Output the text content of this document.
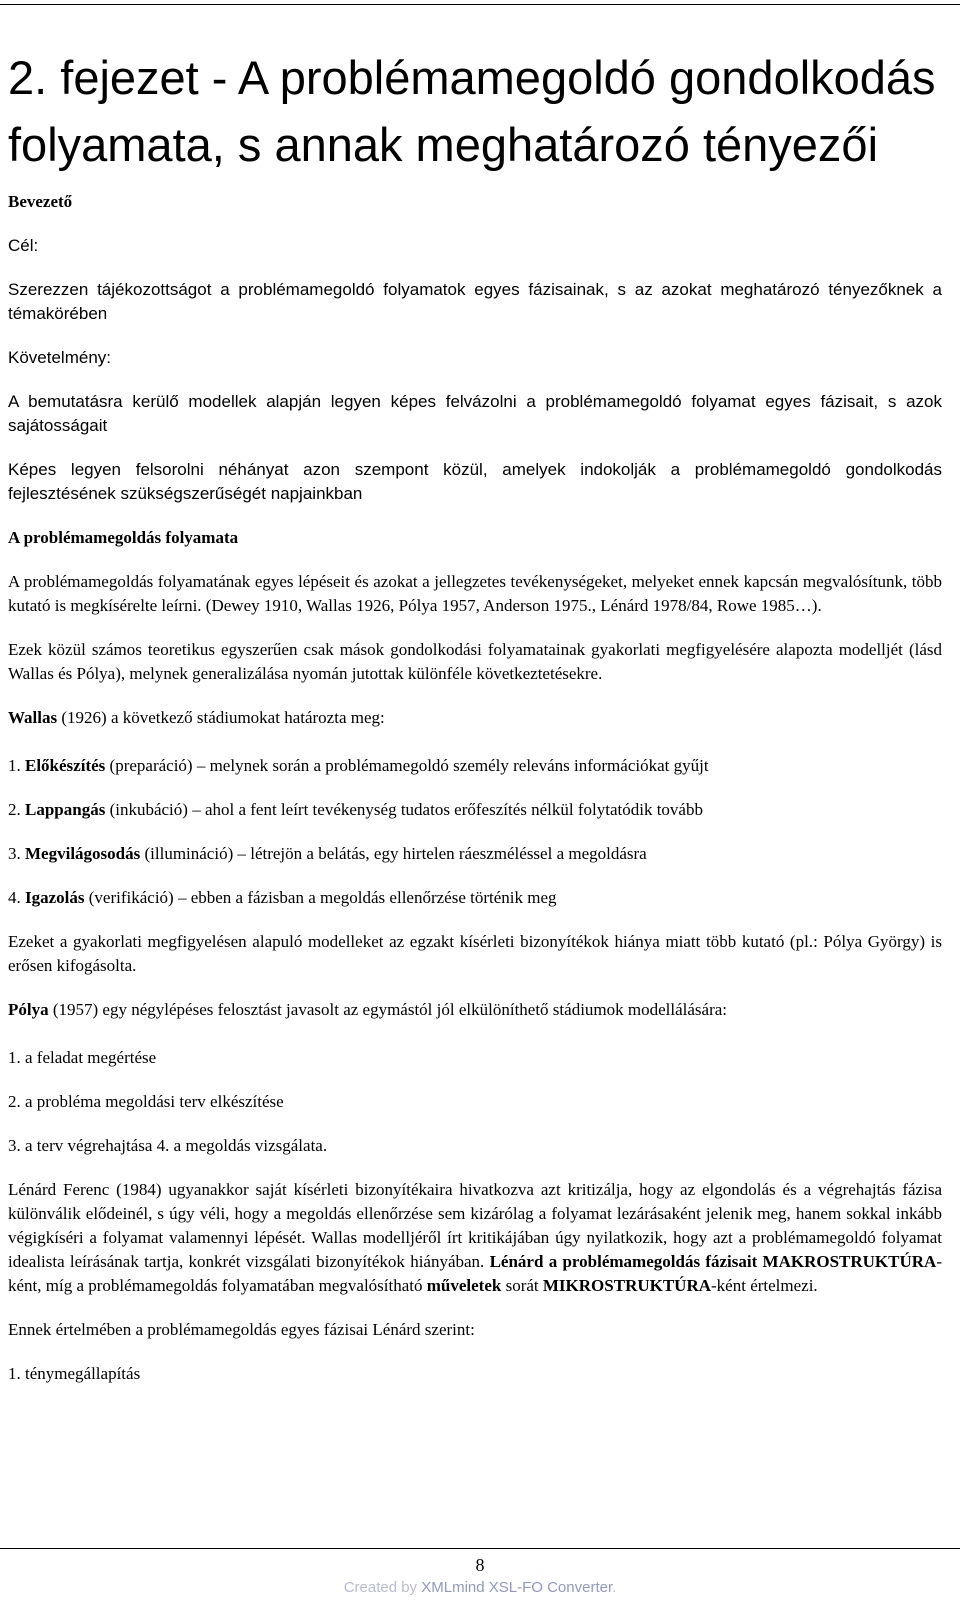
2. fejezet - A problémamegoldó gondolkodás folyamata, s annak meghatározó tényezői

Bevezető

Cél:

Szerezzen tájékozottságot a problémamegoldó folyamatok egyes fázisainak, s az azokat meghatározó tényezőknek a témakörében

Követelmény:

A bemutatásra kerülő modellek alapján legyen képes felvázolni a problémamegoldó folyamat egyes fázisait, s azok sajátosságait

Képes legyen felsorolni néhányat azon szempont közül, amelyek indokolják a problémamegoldó gondolkodás fejlesztésének szükségszerűségét napjainkban

A problémamegoldás folyamata

A problémamegoldás folyamatának egyes lépéseit és azokat a jellegzetes tevékenységeket, melyeket ennek kapcsán megvalósítunk, több kutató is megkísérelte leírni. (Dewey 1910, Wallas 1926, Pólya 1957, Anderson 1975., Lénárd 1978/84, Rowe 1985…).

Ezek közül számos teoretikus egyszerűen csak mások gondolkodási folyamatainak gyakorlati megfigyelésére alapozta modelljét (lásd Wallas és Pólya), melynek generalizálása nyomán jutottak különféle következtetésekre.

Wallas (1926) a következő stádiumokat határozta meg:

1. Előkészítés (preparáció) – melynek során a problémamegoldó személy releváns információkat gyűjt

2. Lappangás (inkubáció) – ahol a fent leírt tevékenység tudatos erőfeszítés nélkül folytatódik tovább

3. Megvilágosodás (illumináció) – létrejön a belátás, egy hirtelen ráeszméléssel a megoldásra

4. Igazolás (verifikáció) – ebben a fázisban a megoldás ellenőrzése történik meg

Ezeket a gyakorlati megfigyelésen alapuló modelleket az egzakt kísérleti bizonyítékok hiánya miatt több kutató (pl.: Pólya György) is erősen kifogásolta.

Pólya (1957) egy négylépéses felosztást javasolt az egymástól jól elkülöníthető stádiumok modellálására:

1. a feladat megértése

2. a probléma megoldási terv elkészítése

3. a terv végrehajtása 4. a megoldás vizsgálata.

Lénárd Ferenc (1984) ugyanakkor saját kísérleti bizonyítékaira hivatkozva azt kritizálja, hogy az elgondolás és a végrehajtás fázisa különválik elődeinél, s úgy véli, hogy a megoldás ellenőrzése sem kizárólag a folyamat lezárásaként jelenik meg, hanem sokkal inkább végigkíséri a folyamat valamennyi lépését. Wallas modelljéről írt kritikájában úgy nyilatkozik, hogy azt a problémamegoldó folyamat idealista leírásának tartja, konkrét vizsgálati bizonyítékok hiányában. Lénárd a problémamegoldás fázisait MAKROSTRUKTÚRA-ként, míg a problémamegoldás folyamatában megvalósítható műveletek sorát MIKROSTRUKTÚRA-ként értelmezi.

Ennek értelmében a problémamegoldás egyes fázisai Lénárd szerint:

1. ténymegállapítás

8
Created by XMLmind XSL-FO Converter.
